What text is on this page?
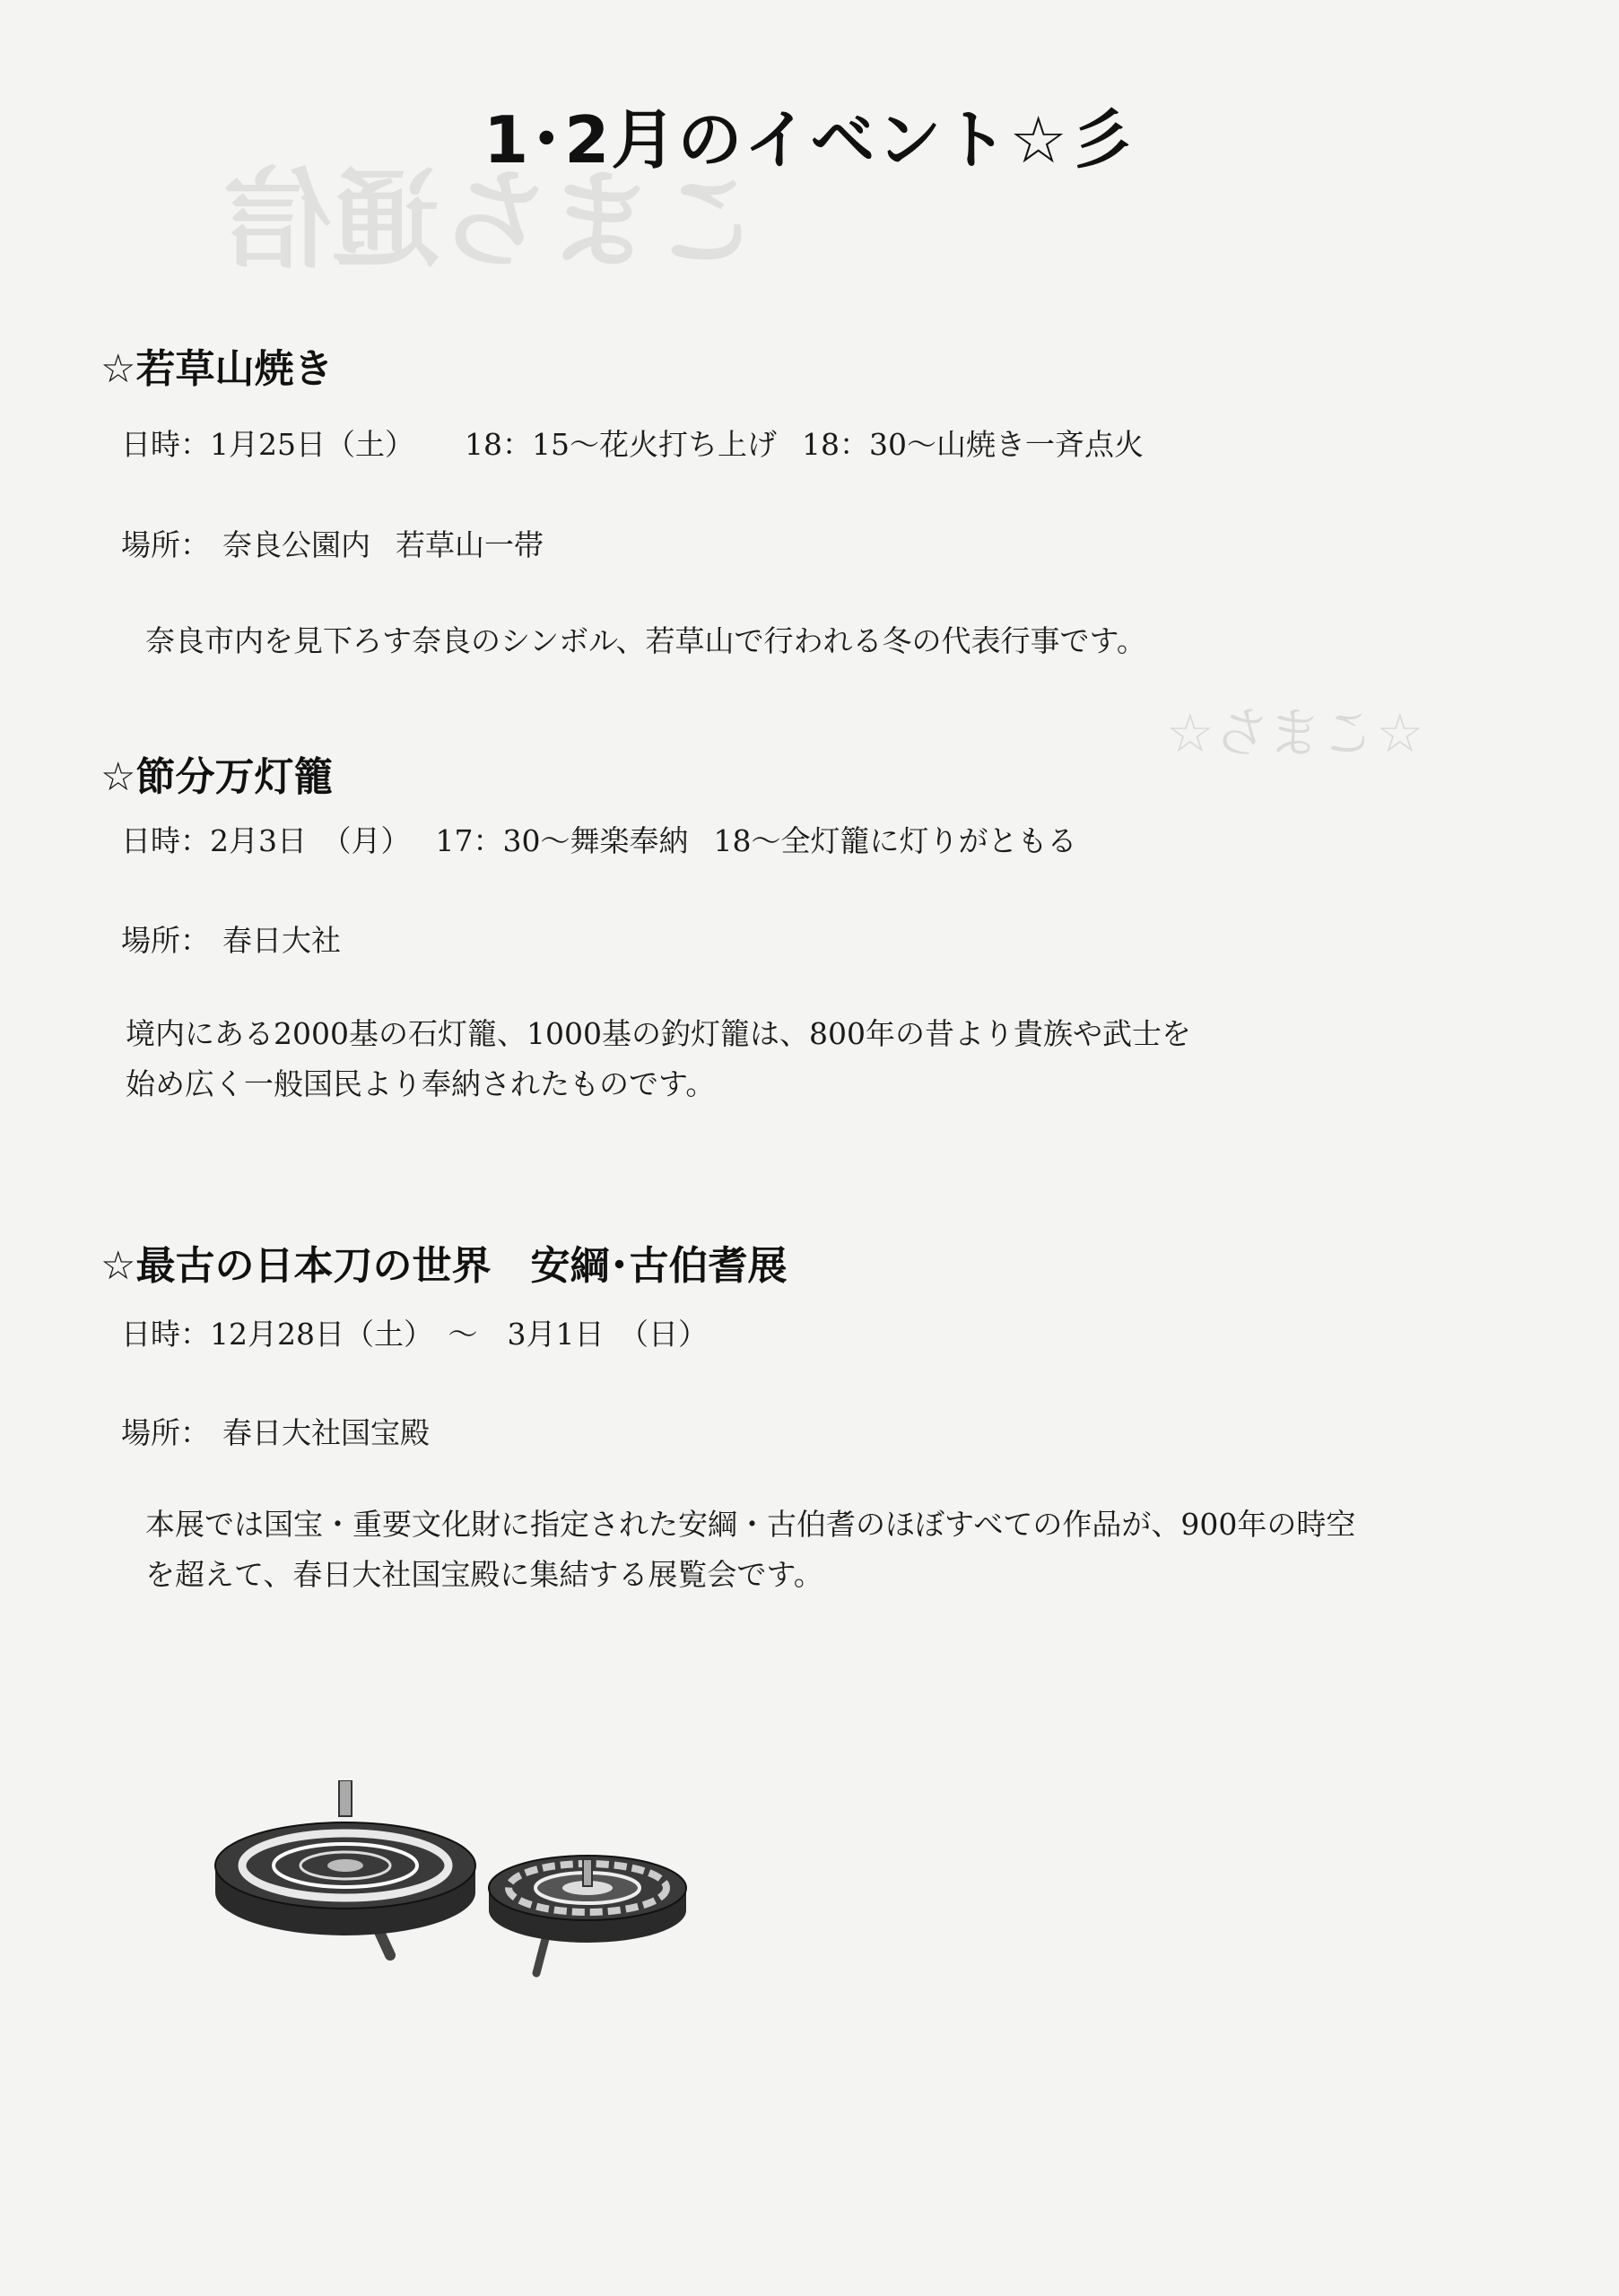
こまち通信
☆こまち☆
1･2月のイベント☆彡
☆若草山焼き
日時：1月25日（土） 18：15～花火打ち上げ 18：30～山焼き一斉点火
場所： 奈良公園内 若草山一帯
奈良市内を見下ろす奈良のシンボル、若草山で行われる冬の代表行事です。
☆節分万灯籠
日時：2月3日　（月） 17：30～舞楽奉納 18～全灯籠に灯りがともる
場所： 春日大社
境内にある2000基の石灯籠、1000基の釣灯籠は、800年の昔より貴族や武士を
始め広く一般国民より奉納されたものです。
☆最古の日本刀の世界　安綱･古伯耆展
日時：12月28日（土）　～　3月1日　（日）
場所： 春日大社国宝殿
本展では国宝・重要文化財に指定された安綱・古伯耆のほぼすべての作品が、900年の時空
を超えて、春日大社国宝殿に集結する展覧会です。
